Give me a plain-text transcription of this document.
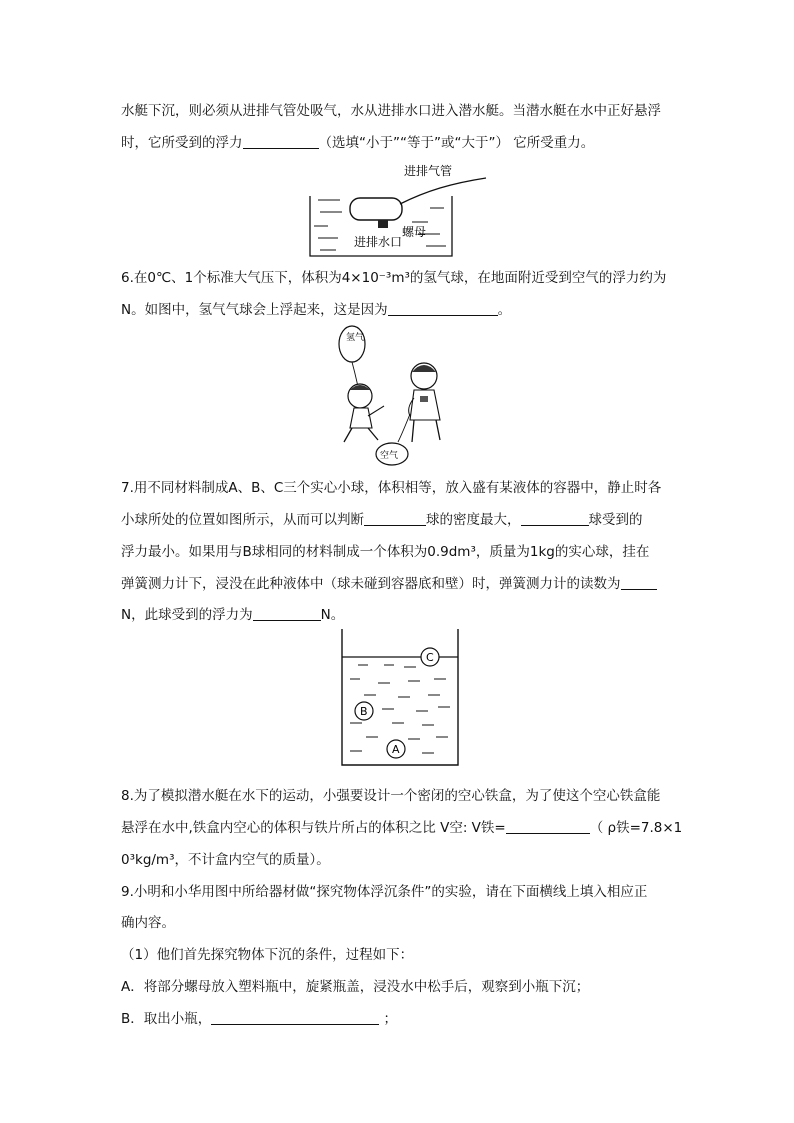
水艇下沉，则必须从进排气管处吸气，水从进排水口进入潜水艇。当潜水艇在水中正好悬浮
时，它所受到的浮力	（选填“小于”“等于”或“大于”） 它所受重力。
进排气管
螺母
进排水口
6.在0℃、1个标准大气压下，体积为4×10⁻³m³的氢气球，在地面附近受到空气的浮力约为
N。如图中，氢气气球会上浮起来，这是因为	。
氢气
空气
7.用不同材料制成A、B、C三个实心小球，体积相等，放入盛有某液体的容器中，静止时各
小球所处的位置如图所示，从而可以判断	球的密度最大，	球受到的
浮力最小。如果用与B球相同的材料制成一个体积为0.9dm³，质量为1kg的实心球，挂在
弹簧测力计下，浸没在此种液体中（球未碰到容器底和壁）时，弹簧测力计的读数为
N，此球受到的浮力为	N。
C
B
A
8.为了模拟潜水艇在水下的运动，小强要设计一个密闭的空心铁盒，为了使这个空心铁盒能
悬浮在水中,铁盒内空心的体积与铁片所占的体积之比 V空: V铁=	（ ρ铁=7.8×1
0³kg/m³，不计盒内空气的质量）。
9.小明和小华用图中所给器材做“探究物体浮沉条件”的实验，请在下面横线上填入相应正
确内容。
（1）他们首先探究物体下沉的条件，过程如下：
A．将部分螺母放入塑料瓶中，旋紧瓶盖，浸没水中松手后，观察到小瓶下沉；
B．取出小瓶，	；
